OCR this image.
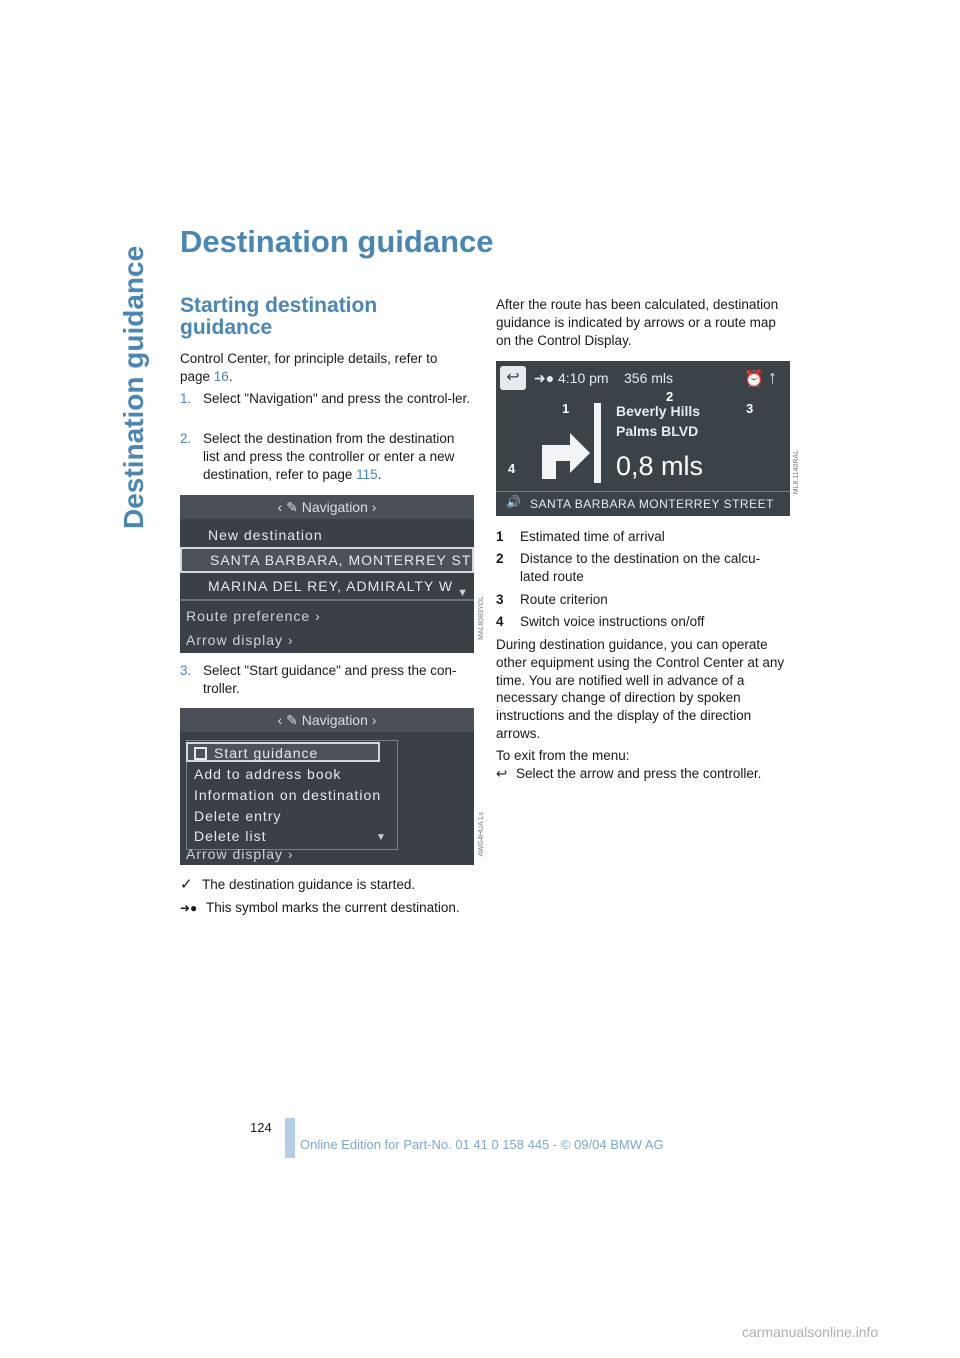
Destination guidance
Destination guidance
Starting destination guidance

Control Center, for principle details, refer to page 16.

1. Select "Navigation" and press the control-ler.
2. Select the destination from the destination list and press the controller or enter a new destination, refer to page 115.
‹ ✎ Navigation ›
New destination
SANTA BARBARA, MONTERREY ST
MARINA DEL REY, ADMIRALTY W
Route preference ›
Arrow display ›
▼
MAL8083YOL
3. Select "Start guidance" and press the con-troller.
‹ ✎ Navigation ›
Start guidance
Add to address book
Information on destination
Delete entry
Delete list
Arrow display ›
▼	AWG4HUA.Ls
✓ The destination guidance is started.
➜● This symbol marks the current destination.

After the route has been calculated, destination guidance is indicated by arrows or a route map on the Control Display.

↩	➜● 4:10 pm 356 mls	⏰ ↑
1
2
3
4
Beverly Hills
Palms BLVD
0,8 mls
🔊 SANTA BARBARA MONTERREY STREET
ML8.1140RAL
1 Estimated time of arrival
2 Distance to the destination on the calcu-lated route
3 Route criterion
4 Switch voice instructions on/off

During destination guidance, you can operate other equipment using the Control Center at any time. You are notified well in advance of a necessary change of direction by spoken instructions and the display of the direction arrows.

To exit from the menu:

↩ Select the arrow and press the controller.
124
Online Edition for Part-No. 01 41 0 158 445 - © 09/04 BMW AG
carmanualsonline.info
